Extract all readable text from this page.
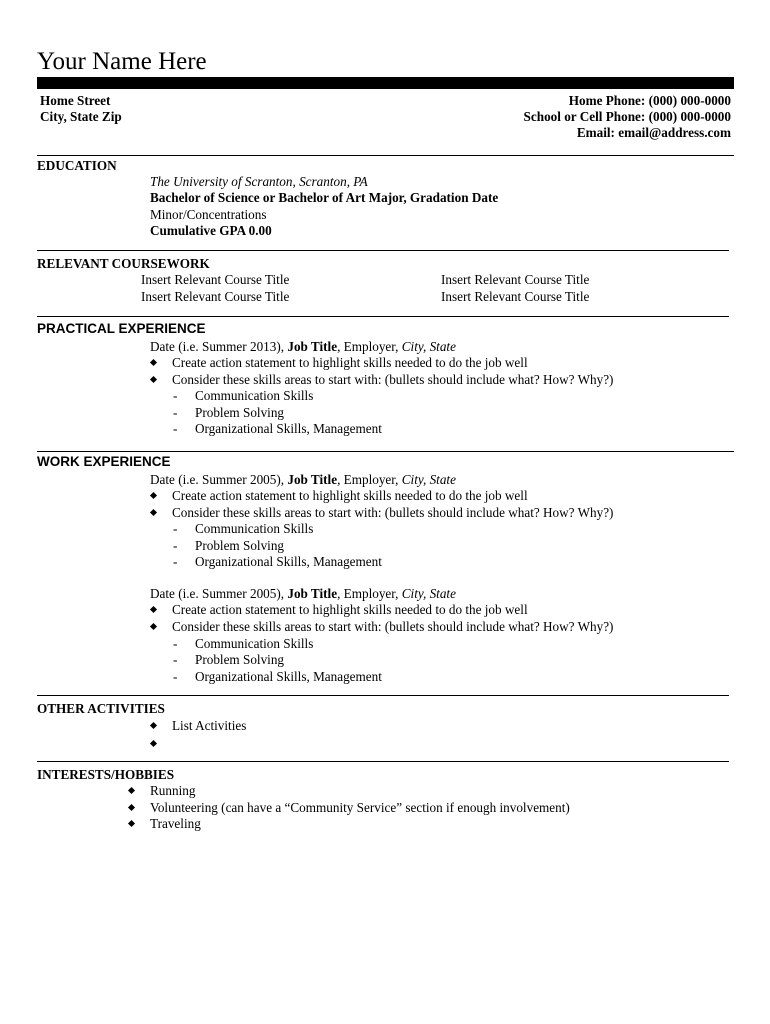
Your Name Here
Home Street
City, State Zip
Home Phone: (000) 000-0000
School or Cell Phone: (000) 000-0000
Email: email@address.com
EDUCATION
The University of Scranton, Scranton, PA
Bachelor of Science or Bachelor of Art Major, Gradation Date
Minor/Concentrations
Cumulative GPA 0.00
RELEVANT COURSEWORK
Insert Relevant Course Title	Insert Relevant Course Title
Insert Relevant Course Title	Insert Relevant Course Title
PRACTICAL EXPERIENCE
Date (i.e. Summer 2013), Job Title, Employer, City, State
Create action statement to highlight skills needed to do the job well
Consider these skills areas to start with: (bullets should include what? How? Why?)
- Communication Skills
- Problem Solving
- Organizational Skills, Management
WORK EXPERIENCE
Date (i.e. Summer 2005), Job Title, Employer, City, State
Create action statement to highlight skills needed to do the job well
Consider these skills areas to start with: (bullets should include what? How? Why?)
- Communication Skills
- Problem Solving
- Organizational Skills, Management
Date (i.e. Summer 2005), Job Title, Employer, City, State
Create action statement to highlight skills needed to do the job well
Consider these skills areas to start with: (bullets should include what? How? Why?)
- Communication Skills
- Problem Solving
- Organizational Skills, Management
OTHER ACTIVITIES
List Activities
INTERESTS/HOBBIES
Running
Volunteering (can have a “Community Service” section if enough involvement)
Traveling
